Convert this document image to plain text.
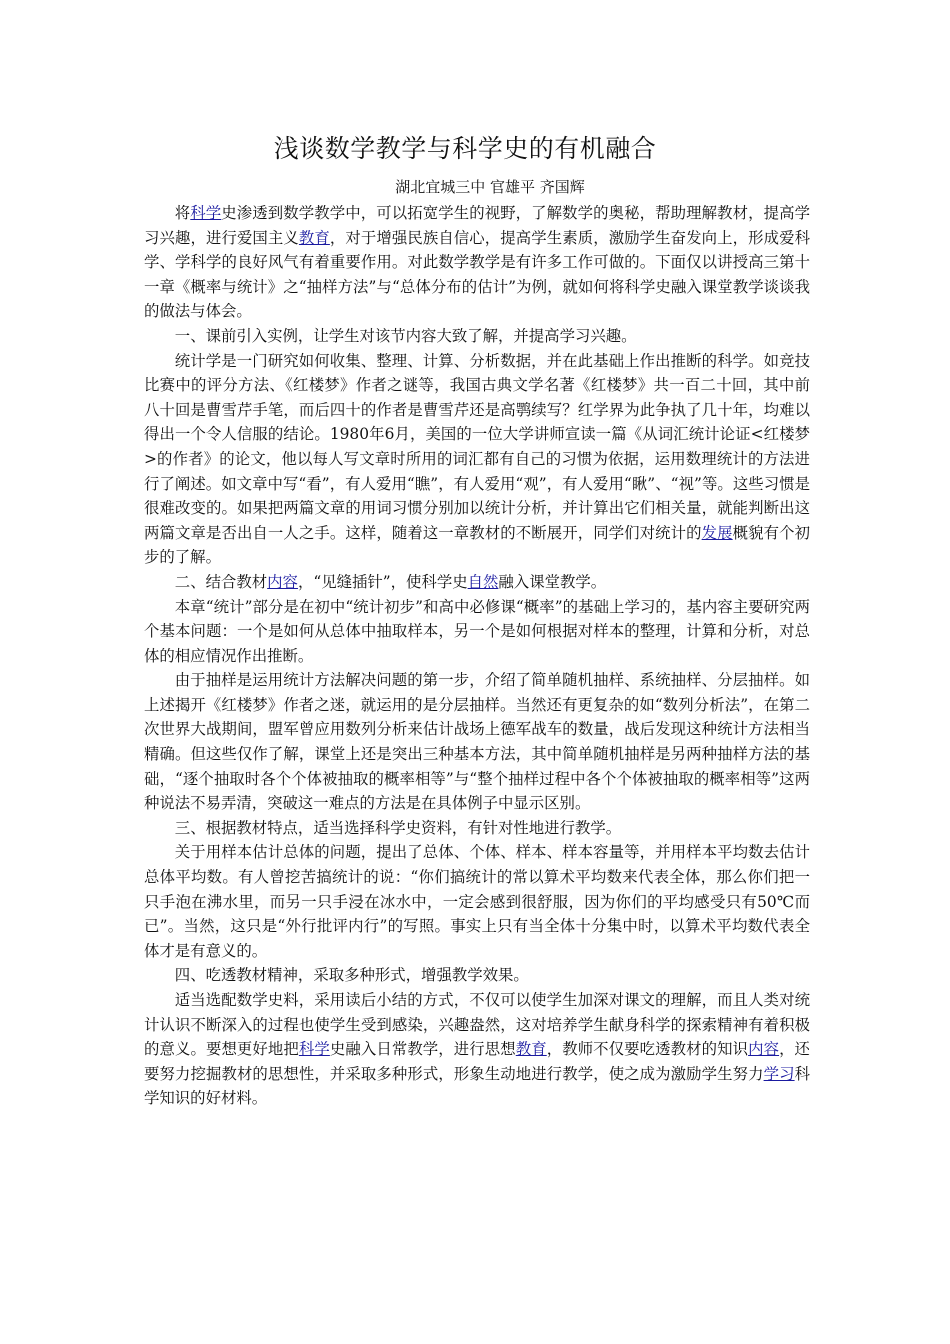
浅谈数学教学与科学史的有机融合
湖北宜城三中 官雄平 齐国辉

将科学史渗透到数学教学中，可以拓宽学生的视野，了解数学的奥秘，帮助理解教材，提高学习兴趣，进行爱国主义教育，对于增强民族自信心，提高学生素质，激励学生奋发向上，形成爱科学、学科学的良好风气有着重要作用。对此数学教学是有许多工作可做的。下面仅以讲授高三第十一章《概率与统计》之“抽样方法”与“总体分布的估计”为例，就如何将科学史融入课堂教学谈谈我的做法与体会。

一、课前引入实例，让学生对该节内容大致了解，并提高学习兴趣。

统计学是一门研究如何收集、整理、计算、分析数据，并在此基础上作出推断的科学。如竞技比赛中的评分方法、《红楼梦》作者之谜等，我国古典文学名著《红楼梦》共一百二十回，其中前八十回是曹雪芹手笔，而后四十的作者是曹雪芹还是高鹗续写？红学界为此争执了几十年，均难以得出一个令人信服的结论。1980年6月，美国的一位大学讲师宣读一篇《从词汇统计论证<红楼梦>的作者》的论文，他以每人写文章时所用的词汇都有自己的习惯为依据，运用数理统计的方法进行了阐述。如文章中写“看”，有人爱用“瞧”，有人爱用“观”，有人爱用“瞅”、“视”等。这些习惯是很难改变的。如果把两篇文章的用词习惯分别加以统计分析，并计算出它们相关量，就能判断出这两篇文章是否出自一人之手。这样，随着这一章教材的不断展开，同学们对统计的发展概貌有个初步的了解。

二、结合教材内容，“见缝插针”，使科学史自然融入课堂教学。

本章“统计”部分是在初中“统计初步”和高中必修课“概率”的基础上学习的，基内容主要研究两个基本问题：一个是如何从总体中抽取样本，另一个是如何根据对样本的整理，计算和分析，对总体的相应情况作出推断。

由于抽样是运用统计方法解决问题的第一步，介绍了简单随机抽样、系统抽样、分层抽样。如上述揭开《红楼梦》作者之迷，就运用的是分层抽样。当然还有更复杂的如“数列分析法”，在第二次世界大战期间，盟军曾应用数列分析来估计战场上德军战车的数量，战后发现这种统计方法相当精确。但这些仅作了解，课堂上还是突出三种基本方法，其中简单随机抽样是另两种抽样方法的基础，“逐个抽取时各个个体被抽取的概率相等”与“整个抽样过程中各个个体被抽取的概率相等”这两种说法不易弄清，突破这一难点的方法是在具体例子中显示区别。

三、根据教材特点，适当选择科学史资料，有针对性地进行教学。

关于用样本估计总体的问题，提出了总体、个体、样本、样本容量等，并用样本平均数去估计总体平均数。有人曾挖苦搞统计的说：“你们搞统计的常以算术平均数来代表全体，那么你们把一只手泡在沸水里，而另一只手浸在冰水中，一定会感到很舒服，因为你们的平均感受只有50℃而已”。当然，这只是“外行批评内行”的写照。事实上只有当全体十分集中时，以算术平均数代表全体才是有意义的。

四、吃透教材精神，采取多种形式，增强教学效果。

适当选配数学史料，采用读后小结的方式，不仅可以使学生加深对课文的理解，而且人类对统计认识不断深入的过程也使学生受到感染，兴趣盎然，这对培养学生献身科学的探索精神有着积极的意义。要想更好地把科学史融入日常教学，进行思想教育，教师不仅要吃透教材的知识内容，还要努力挖掘教材的思想性，并采取多种形式，形象生动地进行教学，使之成为激励学生努力学习科学知识的好材料。
